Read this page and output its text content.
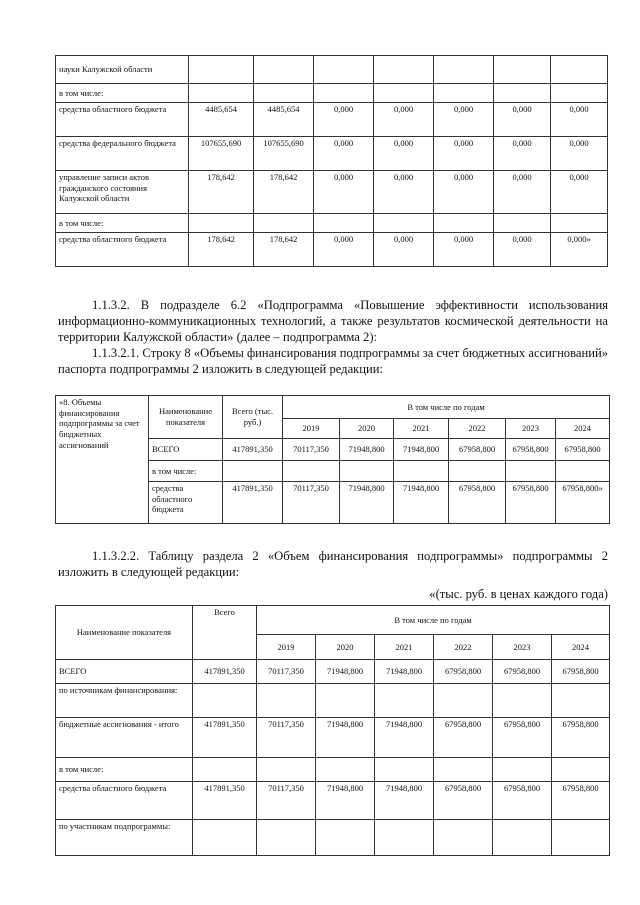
науки Калужской области							
в том числе:							
средства областного бюджета	4485,654	4485,654	0,000	0,000	0,000	0,000	0,000
средства федерального бюджета	107655,690	107655,690	0,000	0,000	0,000	0,000	0,000
управление записи актов гражданского состояния Калужской области	178,642	178,642	0,000	0,000	0,000	0,000	0,000
в том числе:							
средства областного бюджета	178,642	178,642	0,000	0,000	0,000	0,000	0,000»

1.1.3.2. В подразделе 6.2 «Подпрограмма «Повышение эффективности использования информационно-коммуникационных технологий, а также результатов космической деятельности на территории Калужской области» (далее – подпрограмма 2):

1.1.3.2.1. Строку 8 «Объемы финансирования подпрограммы за счет бюджетных ассигнований» паспорта подпрограммы 2 изложить в следующей редакции:

«8. Объемы финансирования подпрограммы за счет бюджетных ассигнований	Наименование показателя	Всего (тыс. руб.)	В том числе по годам					
			2019	2020	2021	2022	2023	2024
	ВСЕГО	417891,350	70117,350	71948,800	71948,800	67958,800	67958,800	67958,800
	в том числе:							
	средства областного бюджета	417891,350	70117,350	71948,800	71948,800	67958,800	67958,800	67958,800»

1.1.3.2.2. Таблицу раздела 2 «Объем финансирования подпрограммы» подпрограммы 2 изложить в следующей редакции:

«(тыс. руб. в ценах каждого года)

Наименование показателя	Всего	В том числе по годам					
		2019	2020	2021	2022	2023	2024
ВСЕГО	417891,350	70117,350	71948,800	71948,800	67958,800	67958,800	67958,800
по источникам финансирования:							
бюджетные ассигнования - итого	417891,350	70117,350	71948,800	71948,800	67958,800	67958,800	67958,800
в том числе:							
средства областного бюджета	417891,350	70117,350	71948,800	71948,800	67958,800	67958,800	67958,800
по участникам подпрограммы:							
